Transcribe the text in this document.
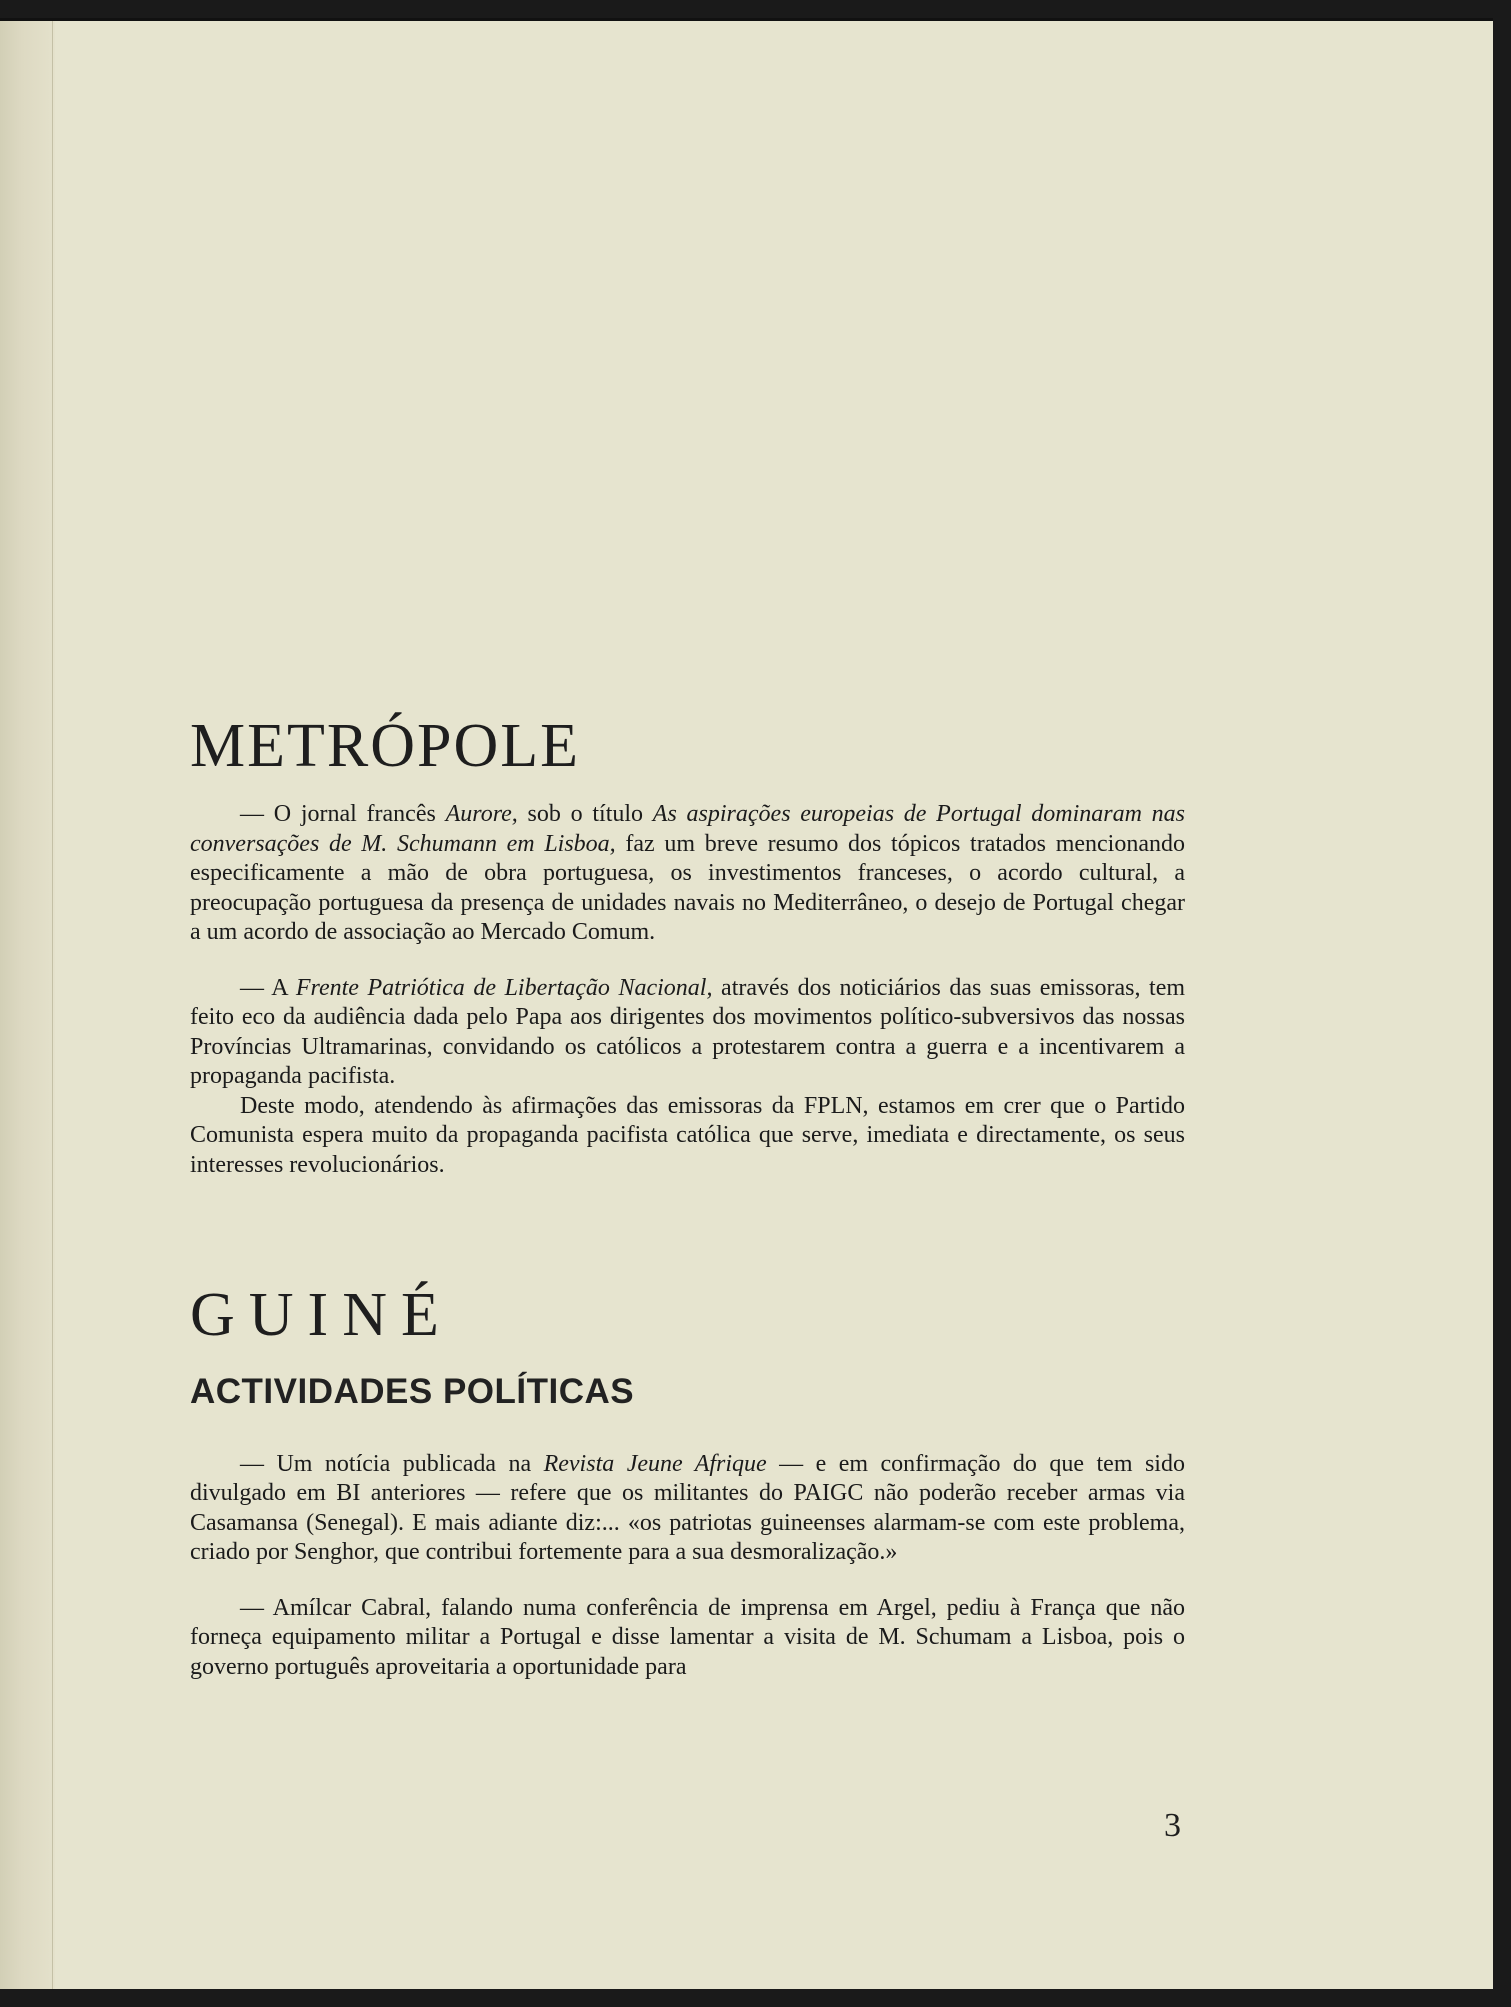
METRÓPOLE

— O jornal francês Aurore, sob o título As aspirações europeias de Portugal dominaram nas conversações de M. Schumann em Lisboa, faz um breve resumo dos tópicos tratados mencionando especificamente a mão de obra portuguesa, os investimentos franceses, o acordo cultural, a preocupação portuguesa da presença de unidades navais no Mediterrâneo, o desejo de Portugal chegar a um acordo de associação ao Mercado Comum.

— A Frente Patriótica de Libertação Nacional, através dos noticiários das suas emissoras, tem feito eco da audiência dada pelo Papa aos dirigentes dos movimentos político-subversivos das nossas Províncias Ultramarinas, convidando os católicos a protestarem contra a guerra e a incentivarem a propaganda pacifista.

Deste modo, atendendo às afirmações das emissoras da FPLN, estamos em crer que o Partido Comunista espera muito da propaganda pacifista católica que serve, imediata e directamente, os seus interesses revolucionários.

GUINÉ
ACTIVIDADES POLÍTICAS

— Um notícia publicada na Revista Jeune Afrique — e em confirmação do que tem sido divulgado em BI anteriores — refere que os militantes do PAIGC não poderão receber armas via Casamansa (Senegal). E mais adiante diz:... «os patriotas guineenses alarmam-se com este problema, criado por Senghor, que contribui fortemente para a sua desmoralização.»

— Amílcar Cabral, falando numa conferência de imprensa em Argel, pediu à França que não forneça equipamento militar a Portugal e disse lamentar a visita de M. Schumam a Lisboa, pois o governo português aproveitaria a oportunidade para

3
